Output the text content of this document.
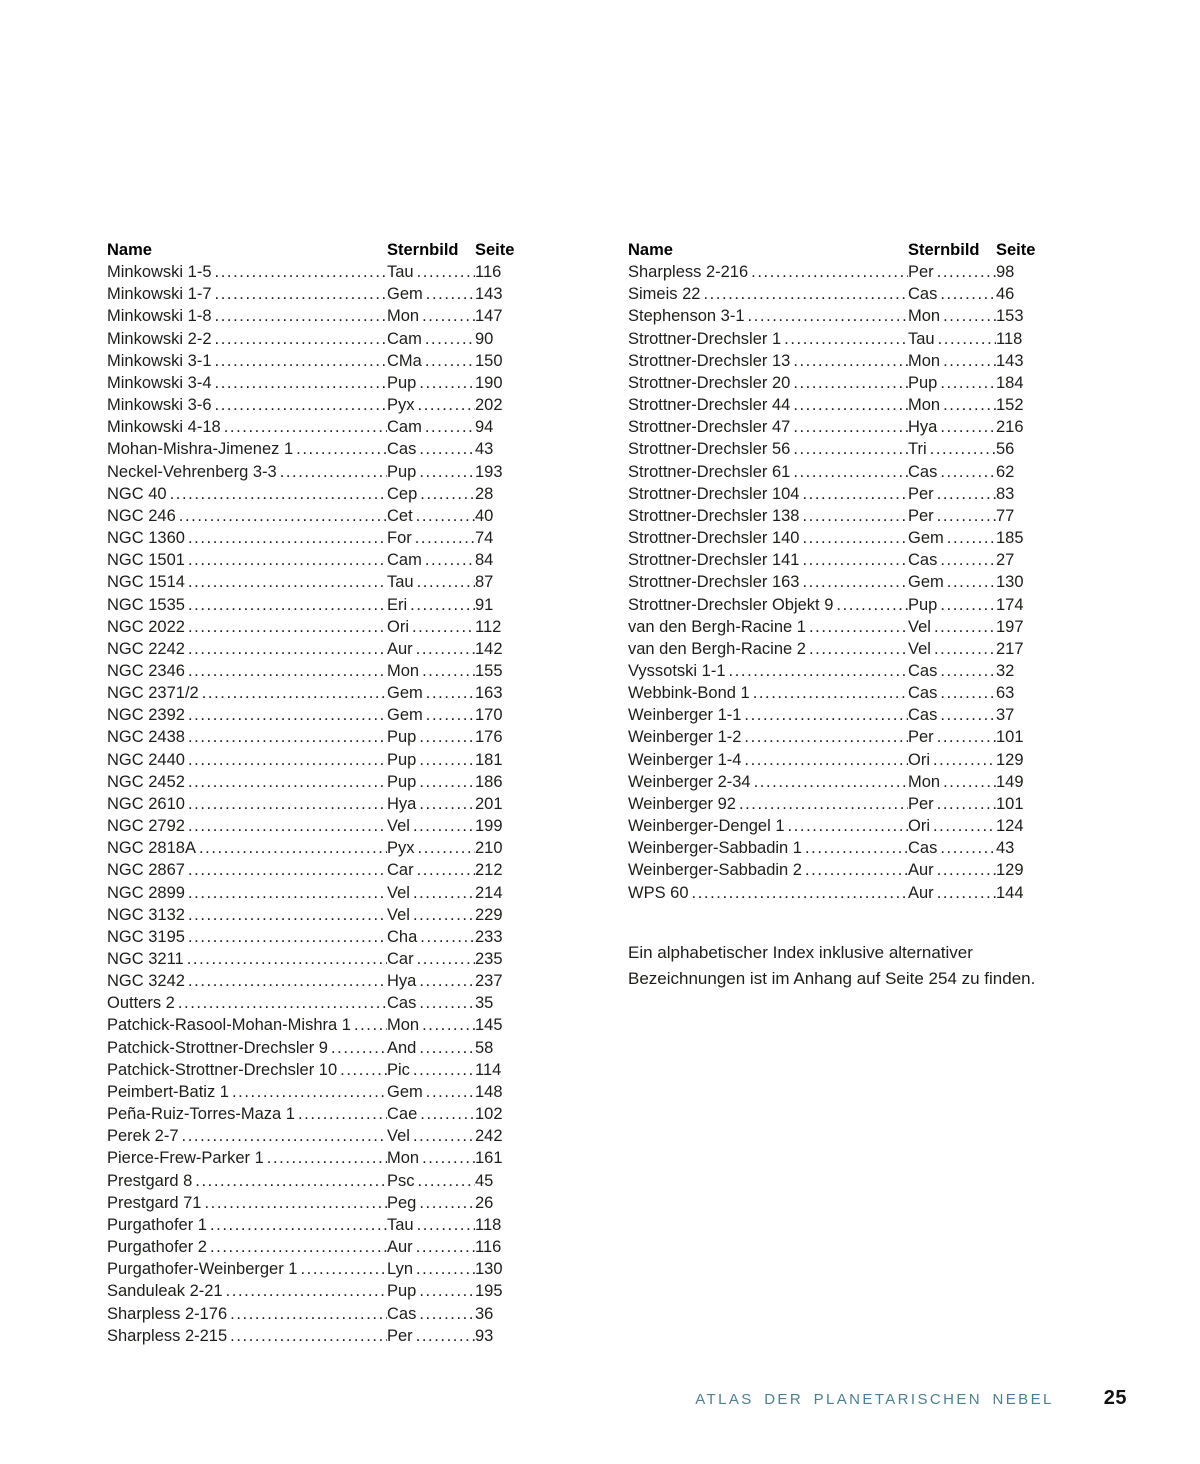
Name	Sternbild Seite
Minkowski 1-5 .....	Tau .....	116
Minkowski 1-7 .....	Gem .....	143
Minkowski 1-8 .....	Mon .....	147
Minkowski 2-2 .....	Cam .....	90
Minkowski 3-1 .....	CMa .....	150
Minkowski 3-4 .....	Pup .....	190
Minkowski 3-6 .....	Pyx .....	202
Minkowski 4-18 .....	Cam .....	94
Mohan-Mishra-Jimenez 1 .....	Cas .....	43
Neckel-Vehrenberg 3-3 .....	Pup .....	193
NGC 40 .....	Cep .....	28
NGC 246 .....	Cet .....	40
NGC 1360 .....	For .....	74
NGC 1501 .....	Cam .....	84
NGC 1514 .....	Tau .....	87
NGC 1535 .....	Eri .....	91
NGC 2022 .....	Ori .....	112
NGC 2242 .....	Aur .....	142
NGC 2346 .....	Mon .....	155
NGC 2371/2 .....	Gem .....	163
NGC 2392 .....	Gem .....	170
NGC 2438 .....	Pup .....	176
NGC 2440 .....	Pup .....	181
NGC 2452 .....	Pup .....	186
NGC 2610 .....	Hya .....	201
NGC 2792 .....	Vel .....	199
NGC 2818A .....	Pyx .....	210
NGC 2867 .....	Car .....	212
NGC 2899 .....	Vel .....	214
NGC 3132 .....	Vel .....	229
NGC 3195 .....	Cha .....	233
NGC 3211 .....	Car .....	235
NGC 3242 .....	Hya .....	237
Outters 2 .....	Cas .....	35
Patchick-Rasool-Mohan-Mishra 1 ..... Mon .....	145
Patchick-Strottner-Drechsler 9 .....	And .....	58
Patchick-Strottner-Drechsler 10 .....	Pic .....	114
Peimbert-Batiz 1 .....	Gem .....	148
Peña-Ruiz-Torres-Maza 1 .....	Cae .....	102
Perek 2-7 .....	Vel .....	242
Pierce-Frew-Parker 1 .....	Mon .....	161
Prestgard 8 .....	Psc .....	45
Prestgard 71 .....	Peg .....	26
Purgathofer 1 .....	Tau .....	118
Purgathofer 2 .....	Aur .....	116
Purgathofer-Weinberger 1 .....	Lyn .....	130
Sanduleak 2-21 .....	Pup .....	195
Sharpless 2-176 .....	Cas .....	36
Sharpless 2-215 .....	Per .....	93
Name	Sternbild Seite
Sharpless 2-216 .....	Per .....	98
Simeis 22 .....	Cas .....	46
Stephenson 3-1 .....	Mon .....	153
Strottner-Drechsler 1 .....	Tau .....	118
Strottner-Drechsler 13 .....	Mon .....	143
Strottner-Drechsler 20 .....	Pup .....	184
Strottner-Drechsler 44 .....	Mon .....	152
Strottner-Drechsler 47 .....	Hya .....	216
Strottner-Drechsler 56 .....	Tri .....	56
Strottner-Drechsler 61 .....	Cas .....	62
Strottner-Drechsler 104 .....	Per .....	83
Strottner-Drechsler 138 .....	Per .....	77
Strottner-Drechsler 140 .....	Gem .....	185
Strottner-Drechsler 141 .....	Cas .....	27
Strottner-Drechsler 163 .....	Gem .....	130
Strottner-Drechsler Objekt 9 .....	Pup .....	174
van den Bergh-Racine 1 .....	Vel .....	197
van den Bergh-Racine 2 .....	Vel .....	217
Vyssotski 1-1 .....	Cas .....	32
Webbink-Bond 1 .....	Cas .....	63
Weinberger 1-1 .....	Cas .....	37
Weinberger 1-2 .....	Per .....	101
Weinberger 1-4 .....	Ori .....	129
Weinberger 2-34 .....	Mon .....	149
Weinberger 92 .....	Per .....	101
Weinberger-Dengel 1 .....	Ori .....	124
Weinberger-Sabbadin 1 .....	Cas .....	43
Weinberger-Sabbadin 2 .....	Aur .....	129
WPS 60 .....	Aur .....	144

Ein alphabetischer Index inklusive alternativer Bezeichnungen ist im Anhang auf Seite 254 zu finden.

ATLAS DER PLANETARISCHEN NEBEL	25
